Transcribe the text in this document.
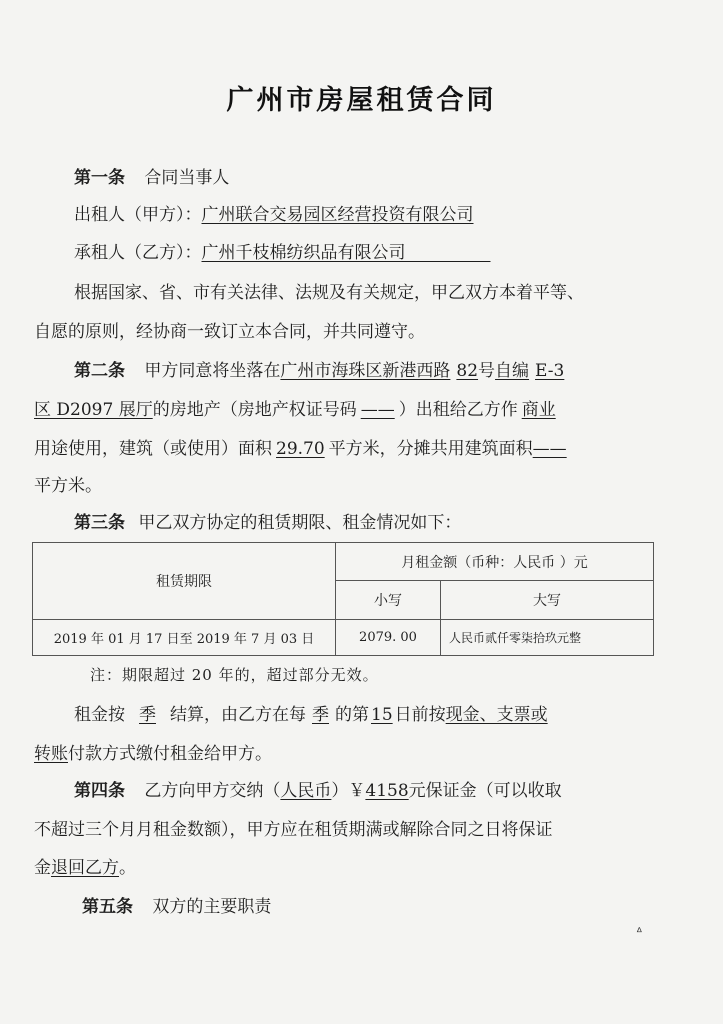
广州市房屋租赁合同
第一条 合同当事人
出租人（甲方）：广州联合交易园区经营投资有限公司
承租人（乙方）：广州千枝棉纺织品有限公司　　　　　
根据国家、省、市有关法律、法规及有关规定，甲乙双方本着平等、
自愿的原则，经协商一致订立本合同，并共同遵守。
第二条 甲方同意将坐落在广州市海珠区新港西路 82号自编 E-3
区 D2097 展厅的房地产（房地产权证号码 —— ）出租给乙方作 商业
用途使用，建筑（或使用）面积 29.70 平方米，分摊共用建筑面积——
平方米。
第三条 甲乙双方协定的租赁期限、租金情况如下：
租赁期限	月租金额（币种：人民币 ）元	
	小写	大写
2019 年 01 月 17 日至 2019 年 7 月 03 日	2079. 00	人民币贰仟零柒拾玖元整
注：期限超过 20 年的，超过部分无效。
租金按 季 结算，由乙方在每 季 的第 15 日前按现金、支票或
转账付款方式缴付租金给甲方。
第四条 乙方向甲方交纳（人民币）￥4158元保证金（可以收取
不超过三个月月租金数额），甲方应在租赁期满或解除合同之日将保证
金退回乙方。
第五条 双方的主要职责
ᐞ
